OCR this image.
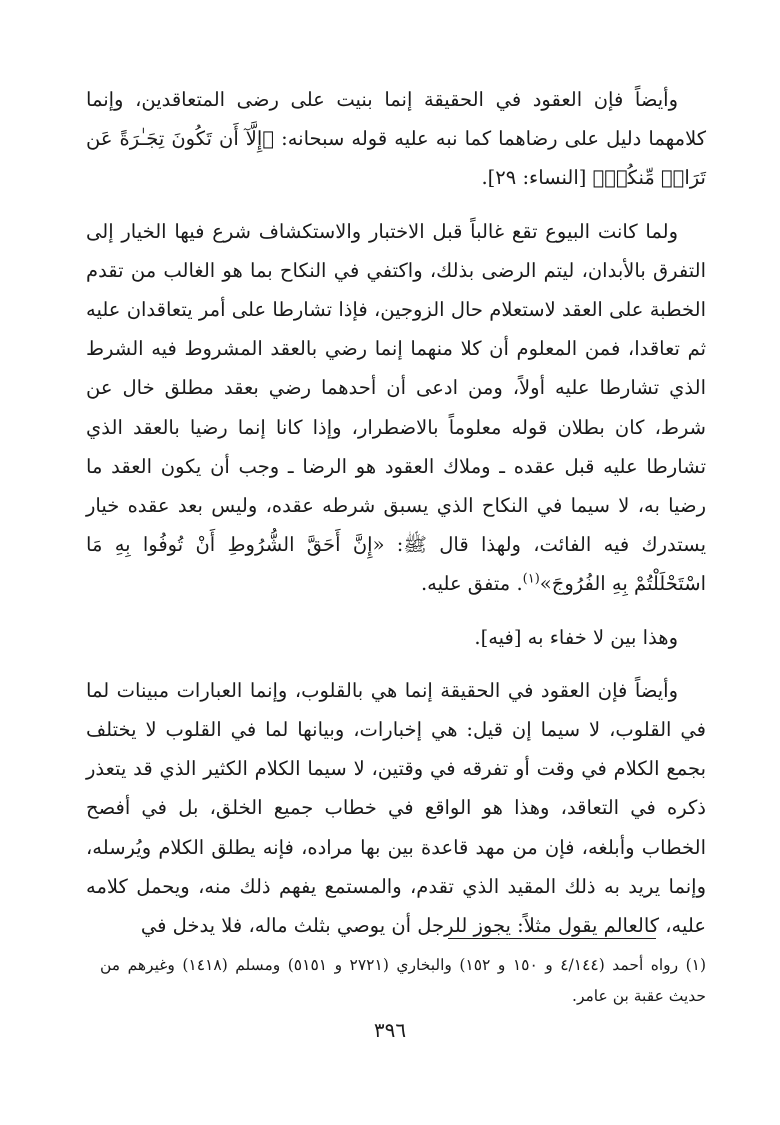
وأيضاً فإن العقود في الحقيقة إنما بنيت على رضى المتعاقدين، وإنما كلامهما دليل على رضاهما كما نبه عليه قوله سبحانه: ﴿إِلَّآ أَن تَكُونَ تِجَـٰرَةً عَن تَرَاضٖ مِّنكُمۡ﴾ [النساء: ٢٩].

ولما كانت البيوع تقع غالباً قبل الاختبار والاستكشاف شرع فيها الخيار إلى التفرق بالأبدان، ليتم الرضى بذلك، واكتفي في النكاح بما هو الغالب من تقدم الخطبة على العقد لاستعلام حال الزوجين، فإذا تشارطا على أمر يتعاقدان عليه ثم تعاقدا، فمن المعلوم أن كلا منهما إنما رضي بالعقد المشروط فيه الشرط الذي تشارطا عليه أولاً، ومن ادعى أن أحدهما رضي بعقد مطلق خال عن شرط، كان بطلان قوله معلوماً بالاضطرار، وإذا كانا إنما رضيا بالعقد الذي تشارطا عليه قبل عقده ـ وملاك العقود هو الرضا ـ وجب أن يكون العقد ما رضيا به، لا سيما في النكاح الذي يسبق شرطه عقده، وليس بعد عقده خيار يستدرك فيه الفائت، ولهذا قال ﷺ: «إِنَّ أَحَقَّ الشُّرُوطِ أَنْ تُوفُوا بِهِ مَا اسْتَحْلَلْتُمْ بِهِ الفُرُوجَ»$^{(١)}$. متفق عليه.

وهذا بين لا خفاء به [فيه].

وأيضاً فإن العقود في الحقيقة إنما هي بالقلوب، وإنما العبارات مبينات لما في القلوب، لا سيما إن قيل: هي إخبارات، وبيانها لما في القلوب لا يختلف بجمع الكلام في وقت أو تفرقه في وقتين، لا سيما الكلام الكثير الذي قد يتعذر ذكره في التعاقد، وهذا هو الواقع في خطاب جميع الخلق، بل في أفصح الخطاب وأبلغه، فإن من مهد قاعدة بين بها مراده، فإنه يطلق الكلام ويُرسله، وإنما يريد به ذلك المقيد الذي تقدم، والمستمع يفهم ذلك منه، ويحمل كلامه عليه، كالعالم يقول مثلاً: يجوز للرجل أن يوصي بثلث ماله، فلا يدخل في

(١) رواه أحمد (٤/١٤٤ و ١٥٠ و ١٥٢) والبخاري (٢٧٢١ و ٥١٥١) ومسلم (١٤١٨) وغيرهم من حديث عقبة بن عامر.

٣٩٦
